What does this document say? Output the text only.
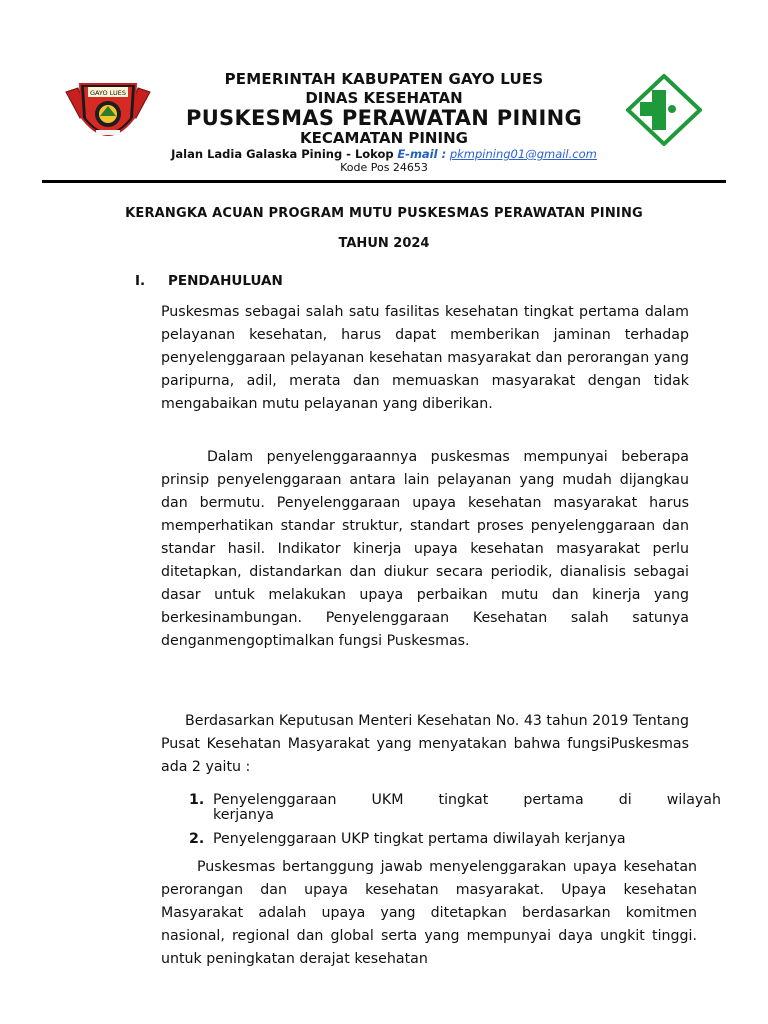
GAYO LUES
PEMERINTAH KABUPATEN GAYO LUES
DINAS KESEHATAN
PUSKESMAS PERAWATAN PINING
KECAMATAN PINING
Jalan Ladia Galaska Pining - Lokop E-mail : pkmpining01@gmail.com
Kode Pos 24653
KERANGKA ACUAN PROGRAM MUTU PUSKESMAS PERAWATAN PINING
TAHUN 2024
I. PENDAHULUAN
Puskesmas sebagai salah satu fasilitas kesehatan tingkat pertama dalam pelayanan kesehatan, harus dapat memberikan jaminan terhadap penyelenggaraan pelayanan kesehatan masyarakat dan perorangan yang paripurna, adil, merata dan memuaskan masyarakat dengan tidak mengabaikan mutu pelayanan yang diberikan.
Dalam penyelenggaraannya puskesmas mempunyai beberapa prinsip penyelenggaraan antara lain pelayanan yang mudah dijangkau dan bermutu. Penyelenggaraan upaya kesehatan masyarakat harus memperhatikan standar struktur, standart proses penyelenggaraan dan standar hasil. Indikator kinerja upaya kesehatan masyarakat perlu ditetapkan, distandarkan dan diukur secara periodik, dianalisis sebagai dasar untuk melakukan upaya perbaikan mutu dan kinerja yang berkesinambungan. Penyelenggaraan Kesehatan salah satunya denganmengoptimalkan fungsi Puskesmas.
Berdasarkan Keputusan Menteri Kesehatan No. 43 tahun 2019 Tentang Pusat Kesehatan Masyarakat yang menyatakan bahwa fungsiPuskesmas ada 2 yaitu :
1. Penyelenggaraan UKM tingkat pertama di wilayah
kerjanya
2. Penyelenggaraan UKP tingkat pertama diwilayah kerjanya
Puskesmas bertanggung jawab menyelenggarakan upaya kesehatan perorangan dan upaya kesehatan masyarakat. Upaya kesehatan Masyarakat adalah upaya yang ditetapkan berdasarkan komitmen nasional, regional dan global serta yang mempunyai daya ungkit tinggi. untuk peningkatan derajat kesehatan
